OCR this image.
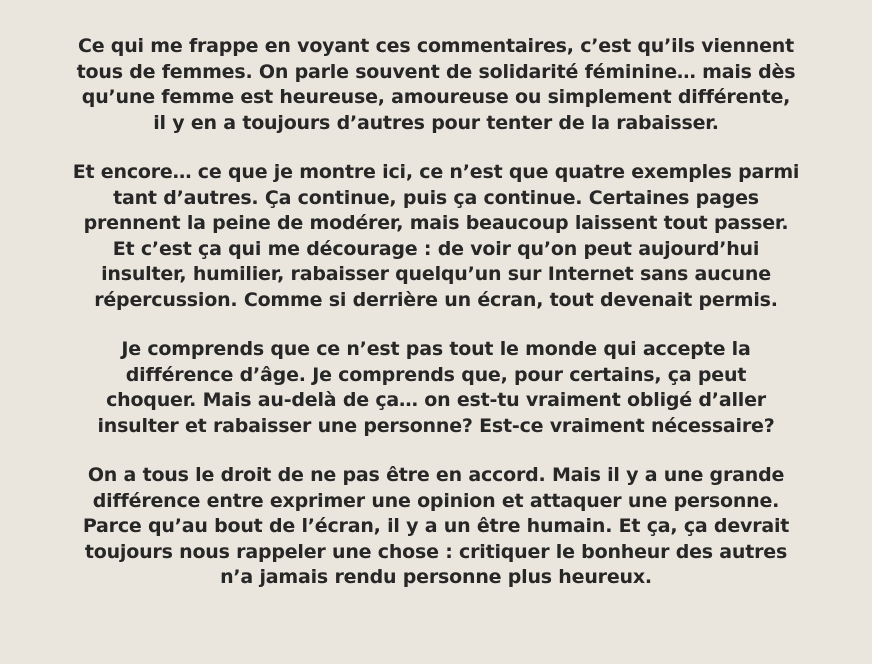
Ce qui me frappe en voyant ces commentaires, c’est qu’ils viennent
tous de femmes. On parle souvent de solidarité féminine… mais dès
qu’une femme est heureuse, amoureuse ou simplement différente,
il y en a toujours d’autres pour tenter de la rabaisser.

Et encore… ce que je montre ici, ce n’est que quatre exemples parmi
tant d’autres. Ça continue, puis ça continue. Certaines pages
prennent la peine de modérer, mais beaucoup laissent tout passer.
Et c’est ça qui me décourage : de voir qu’on peut aujourd’hui
insulter, humilier, rabaisser quelqu’un sur Internet sans aucune
répercussion. Comme si derrière un écran, tout devenait permis.

Je comprends que ce n’est pas tout le monde qui accepte la
différence d’âge. Je comprends que, pour certains, ça peut
choquer. Mais au-delà de ça… on est-tu vraiment obligé d’aller
insulter et rabaisser une personne? Est-ce vraiment nécessaire?

On a tous le droit de ne pas être en accord. Mais il y a une grande
différence entre exprimer une opinion et attaquer une personne.
Parce qu’au bout de l’écran, il y a un être humain. Et ça, ça devrait
toujours nous rappeler une chose : critiquer le bonheur des autres
n’a jamais rendu personne plus heureux.
